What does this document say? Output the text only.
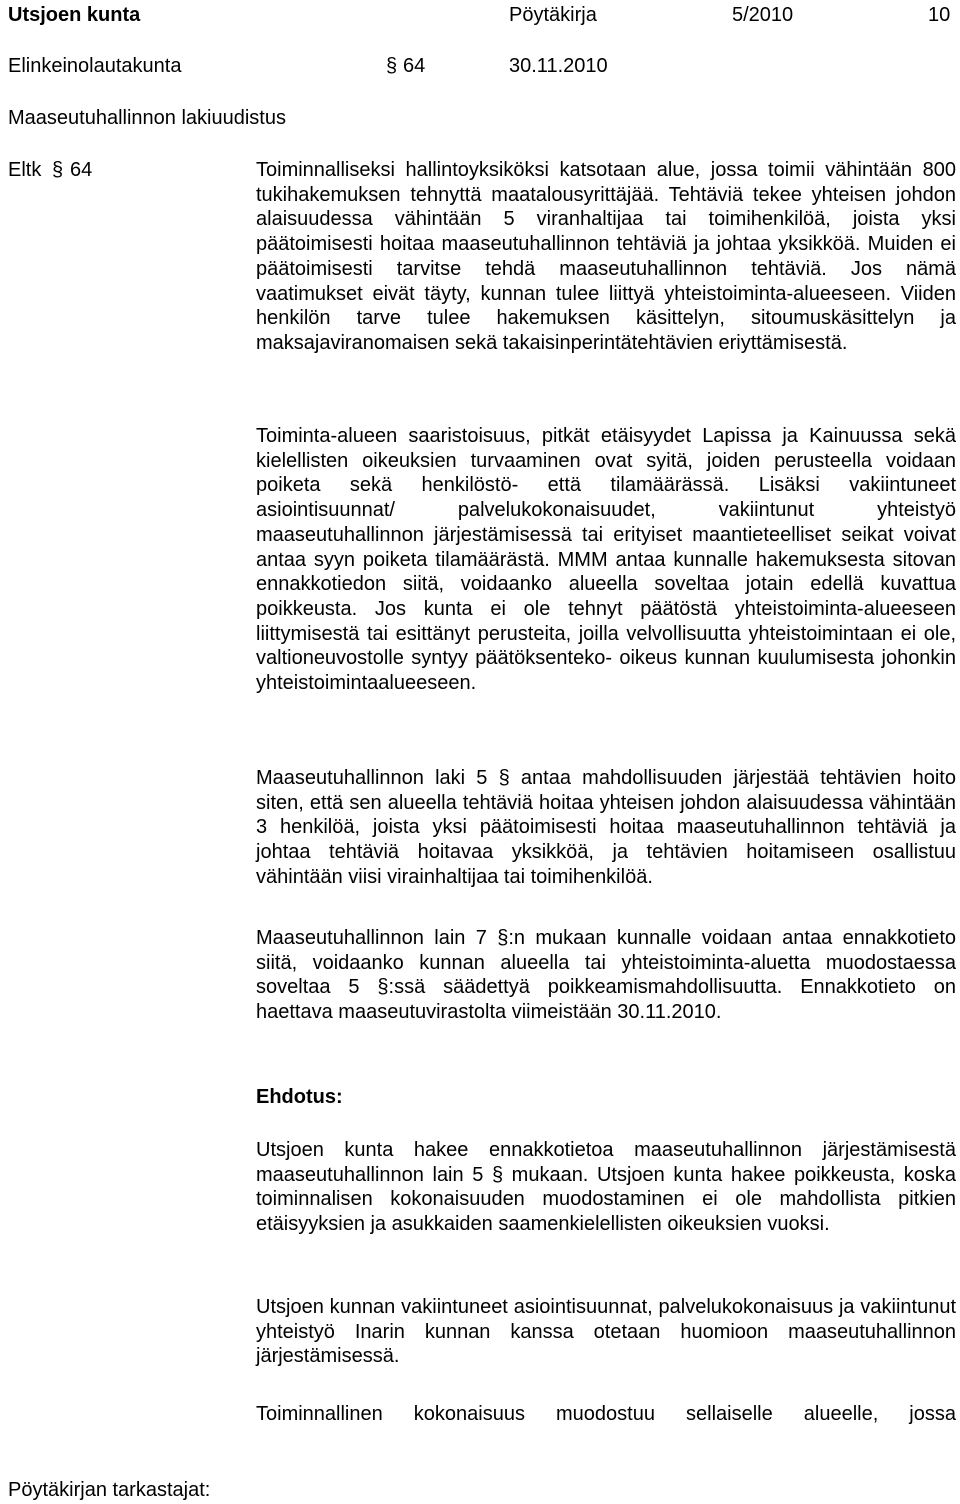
Utsjoen kunta	Pöytäkirja	5/2010	10
Elinkeinolautakunta	§ 64	30.11.2010
Maaseutuhallinnon lakiuudistus
Eltk § 64	Toiminnalliseksi hallintoyksiköksi katsotaan alue, jossa toimii vähintään 800 tukihakemuksen tehnyttä maatalousyrittäjää. Tehtäviä tekee yhteisen johdon alaisuudessa vähintään 5 viranhaltijaa tai toimihenkilöä, joista yksi päätoimisesti hoitaa maaseutuhallinnon tehtäviä ja johtaa yksikköä. Muiden ei päätoimisesti tarvitse tehdä maaseutuhallinnon tehtäviä. Jos nämä vaatimukset eivät täyty, kunnan tulee liittyä yhteistoiminta-alueeseen. Viiden henkilön tarve tulee hakemuksen käsittelyn, sitoumuskäsittelyn ja maksajaviranomaisen sekä takaisinperintätehtävien eriyttämisestä.

Toiminta-alueen saaristoisuus, pitkät etäisyydet Lapissa ja Kainuussa sekä kielellisten oikeuksien turvaaminen ovat syitä, joiden perusteella voidaan poiketa sekä henkilöstö- että tilamäärässä. Lisäksi vakiintuneet asiointisuunnat/ palvelukokonaisuudet, vakiintunut yhteistyö maaseutuhallinnon järjestämisessä tai erityiset maantieteelliset seikat voivat antaa syyn poiketa tilamäärästä. MMM antaa kunnalle hakemuksesta sitovan ennakkotiedon siitä, voidaanko alueella soveltaa jotain edellä kuvattua poikkeusta. Jos kunta ei ole tehnyt päätöstä yhteistoiminta-alueeseen liittymisestä tai esittänyt perusteita, joilla velvollisuutta yhteistoimintaan ei ole, valtioneuvostolle syntyy päätöksenteko- oikeus kunnan kuulumisesta johonkin yhteistoimintaalueeseen.

Maaseutuhallinnon laki 5 § antaa mahdollisuuden järjestää tehtävien hoito siten, että sen alueella tehtäviä hoitaa yhteisen johdon alaisuudessa vähintään 3 henkilöä, joista yksi päätoimisesti hoitaa maaseutuhallinnon tehtäviä ja johtaa tehtäviä hoitavaa yksikköä, ja tehtävien hoitamiseen osallistuu vähintään viisi virainhaltijaa tai toimihenkilöä.

Maaseutuhallinnon lain 7 §:n mukaan kunnalle voidaan antaa ennakkotieto siitä, voidaanko kunnan alueella tai yhteistoiminta-aluetta muodostaessa soveltaa 5 §:ssä säädettyä poikkeamismahdollisuutta. Ennakkotieto on haettava maaseutuvirastolta viimeistään 30.11.2010.

Ehdotus:

Utsjoen kunta hakee ennakkotietoa maaseutuhallinnon järjestämisestä maaseutuhallinnon lain 5 § mukaan. Utsjoen kunta hakee poikkeusta, koska toiminnalisen kokonaisuuden muodostaminen ei ole mahdollista pitkien etäisyyksien ja asukkaiden saamenkielellisten oikeuksien vuoksi.

Utsjoen kunnan vakiintuneet asiointisuunnat, palvelukokonaisuus ja vakiintunut yhteistyö Inarin kunnan kanssa otetaan huomioon maaseutuhallinnon järjestämisessä.

Toiminnallinen kokonaisuus muodostuu sellaiselle alueelle, jossa

Pöytäkirjan tarkastajat:
